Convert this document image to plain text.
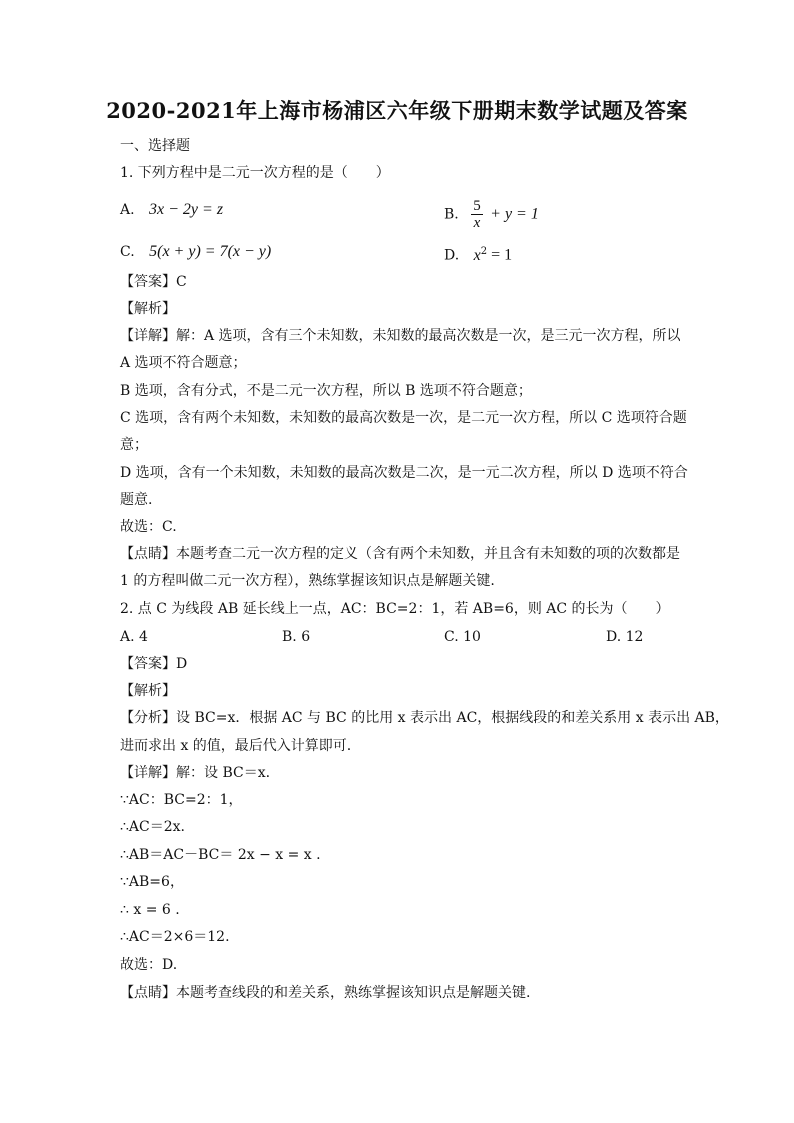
2020-2021年上海市杨浦区六年级下册期末数学试题及答案
一、选择题
1. 下列方程中是二元一次方程的是（　　）
A. 3x − 2y = z	B. $\frac{5}{x} + y = 1$
C. 5(x + y) = 7(x − y)	D. $x^2 = 1$
【答案】C
【解析】
【详解】解：A 选项，含有三个未知数，未知数的最高次数是一次，是三元一次方程，所以
A 选项不符合题意；
B 选项，含有分式，不是二元一次方程，所以 B 选项不符合题意；
C 选项，含有两个未知数，未知数的最高次数是一次，是二元一次方程，所以 C 选项符合题
意；
D 选项，含有一个未知数，未知数的最高次数是二次，是一元二次方程，所以 D 选项不符合
题意.
故选：C.
【点睛】本题考查二元一次方程的定义（含有两个未知数，并且含有未知数的项的次数都是
1 的方程叫做二元一次方程），熟练掌握该知识点是解题关键.
2. 点 C 为线段 AB 延长线上一点，AC：BC=2：1，若 AB=6，则 AC 的长为（　　）
A. 4	B. 6	C. 10	D. 12
【答案】D
【解析】
【分析】设 BC=x．根据 AC 与 BC 的比用 x 表示出 AC，根据线段的和差关系用 x 表示出 AB，
进而求出 x 的值，最后代入计算即可.
【详解】解：设 BC＝x.
∵AC：BC=2：1，
∴AC＝2x.
∴AB＝AC－BC＝ 2x − x = x .
∵AB=6，
∴ x = 6 .
∴AC＝2×6＝12.
故选：D.
【点睛】本题考查线段的和差关系，熟练掌握该知识点是解题关键.
